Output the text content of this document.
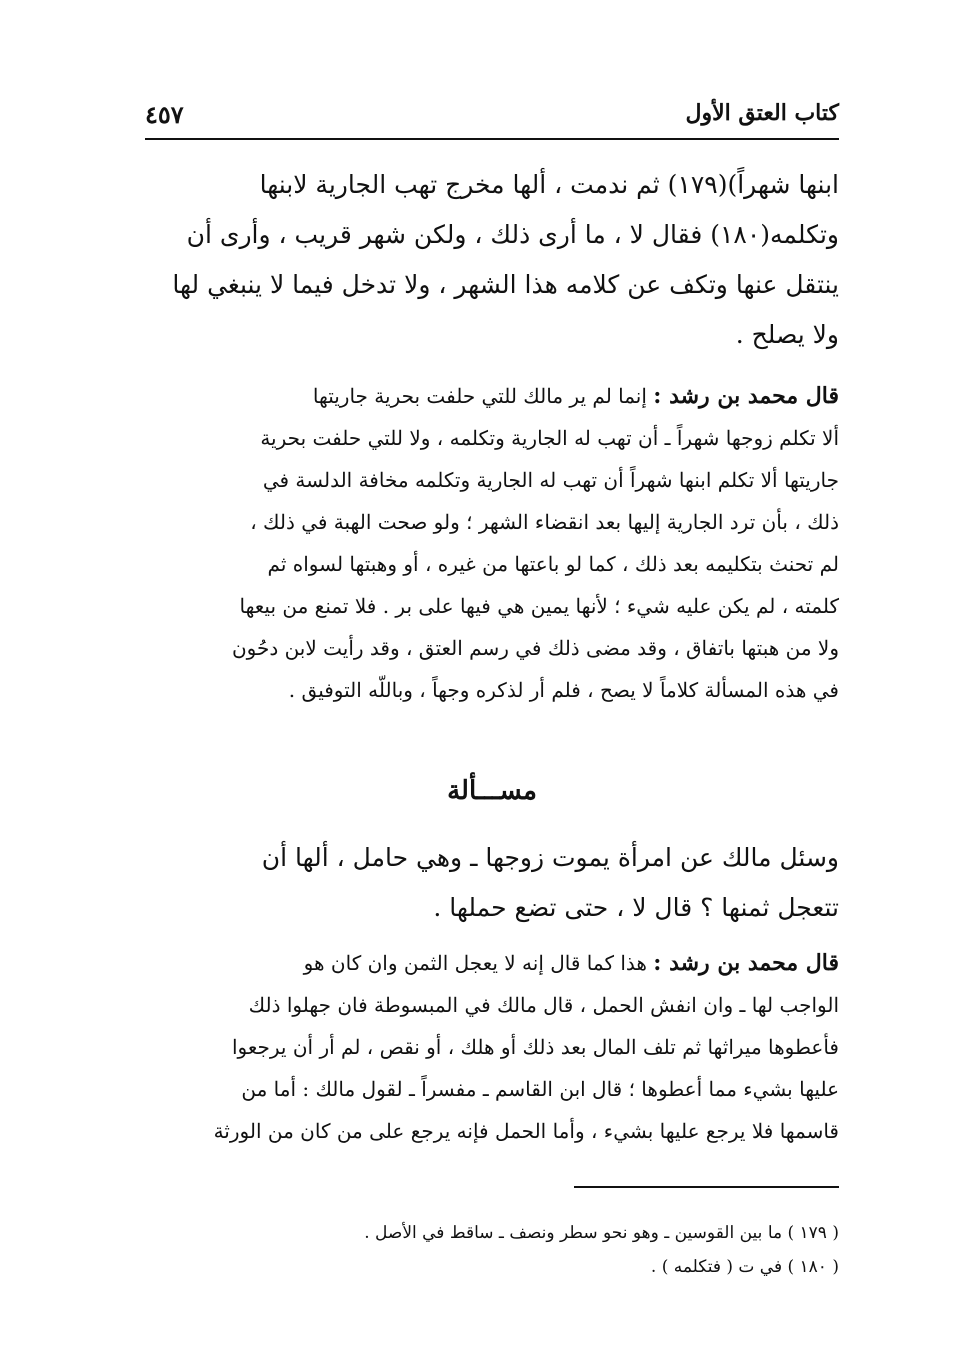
٤٥٧	كتاب العتق الأول
ابنها شهراً)(١٧٩) ثم ندمت ، ألها مخرج تهب الجارية لابنها
وتكلمه(١٨٠) فقال لا ، ما أرى ذلك ، ولكن شهر قريب ، وأرى أن
ينتقل عنها وتكف عن كلامه هذا الشهر ، ولا تدخل فيما لا ينبغي لها
ولا يصلح .
قال محمد بن رشد : إنما لم ير مالك للتي حلفت بحرية جاريتها
ألا تكلم زوجها شهراً ـ أن تهب له الجارية وتكلمه ، ولا للتي حلفت بحرية
جاريتها ألا تكلم ابنها شهراً أن تهب له الجارية وتكلمه مخافة الدلسة في
ذلك ، بأن ترد الجارية إليها بعد انقضاء الشهر ؛ ولو صحت الهبة في ذلك ،
لم تحنث بتكليمه بعد ذلك ، كما لو باعتها من غيره ، أو وهبتها لسواه ثم
كلمته ، لم يكن عليه شيء ؛ لأنها يمين هي فيها على بر . فلا تمنع من بيعها
ولا من هبتها باتفاق ، وقد مضى ذلك في رسم العتق ، وقد رأيت لابن دحُون
في هذه المسألة كلاماً لا يصح ، فلم أر لذكره وجهاً ، وباللّه التوفيق .
مســـألة
وسئل مالك عن امرأة يموت زوجها ـ وهي حامل ، ألها أن
تتعجل ثمنها ؟ قال لا ، حتى تضع حملها .
قال محمد بن رشد : هذا كما قال إنه لا يعجل الثمن وان كان هو
الواجب لها ـ وان انفش الحمل ، قال مالك في المبسوطة فان جهلوا ذلك
فأعطوها ميراثها ثم تلف المال بعد ذلك أو هلك ، أو نقص ، لم أر أن يرجعوا
عليها بشيء مما أعطوها ؛ قال ابن القاسم ـ مفسراً ـ لقول مالك : أما من
قاسمها فلا يرجع عليها بشيء ، وأما الحمل فإنه يرجع على من كان من الورثة
( ١٧٩ ) ما بين القوسين ـ وهو نحو سطر ونصف ـ ساقط في الأصل .
( ١٨٠ ) في ت ( فتكلمه ) .
